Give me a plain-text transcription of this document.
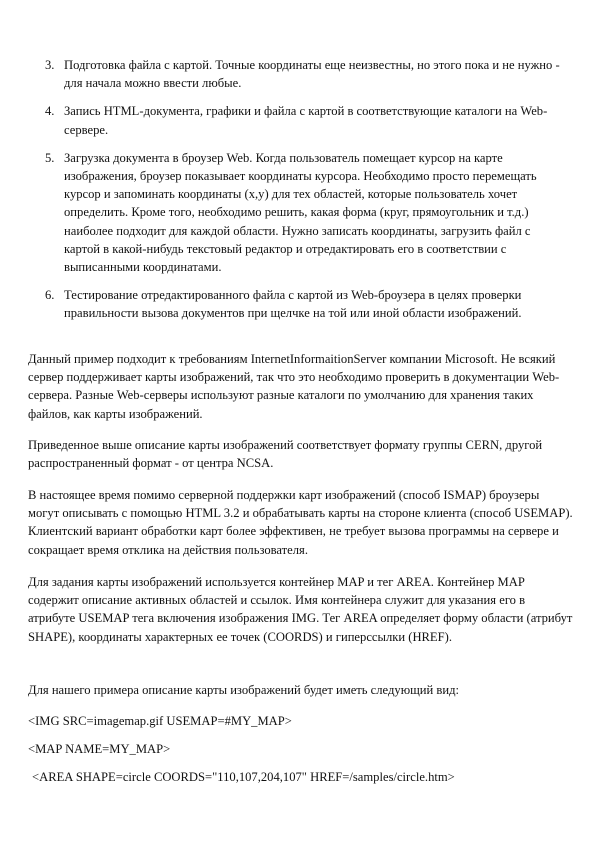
3. Подготовка файла с картой. Точные координаты еще неизвестны, но этого пока и не нужно - для начала можно ввести любые.
4. Запись HTML-документа, графики и файла с картой в соответствующие каталоги на Web-сервере.
5. Загрузка документа в броузер Web. Когда пользователь помещает курсор на карте изображения, броузер показывает координаты курсора. Необходимо просто перемещать курсор и запоминать координаты (x,y) для тех областей, которые пользователь хочет определить. Кроме того, необходимо решить, какая форма (круг, прямоугольник и т.д.) наиболее подходит для каждой области. Нужно записать координаты, загрузить файл с картой в какой-нибудь текстовый редактор и отредактировать его в соответствии с выписанными координатами.
6. Тестирование отредактированного файла с картой из Web-броузера в целях проверки правильности вызова документов при щелчке на той или иной области изображений.
Данный пример подходит к требованиям InternetInformaitionServer компании Microsoft. Не всякий сервер поддерживает карты изображений, так что это необходимо проверить в документации Web-сервера. Разные Web-серверы используют разные каталоги по умолчанию для хранения таких файлов, как карты изображений.
Приведенное выше описание карты изображений соответствует формату группы CERN, другой распространенный формат - от центра NCSA.
В настоящее время помимо серверной поддержки карт изображений (способ ISMAP) броузеры могут описывать с помощью HTML 3.2 и обрабатывать карты на стороне клиента (способ USEMAP). Клиентский вариант обработки карт более эффективен, не требует вызова программы на сервере и сокращает время отклика на действия пользователя.
Для задания карты изображений используется контейнер MAP и тег AREA. Контейнер MAP содержит описание активных областей и ссылок. Имя контейнера служит для указания его в атрибуте USEMAP тега включения изображения IMG. Тег AREA определяет форму области (атрибут SHAPE), координаты характерных ее точек (COORDS) и гиперссылки (HREF).
Для нашего примера описание карты изображений будет иметь следующий вид:
<IMG SRC=imagemap.gif USEMAP=#MY_MAP>
<MAP NAME=MY_MAP>
<AREA SHAPE=circle COORDS="110,107,204,107" HREF=/samples/circle.htm>
